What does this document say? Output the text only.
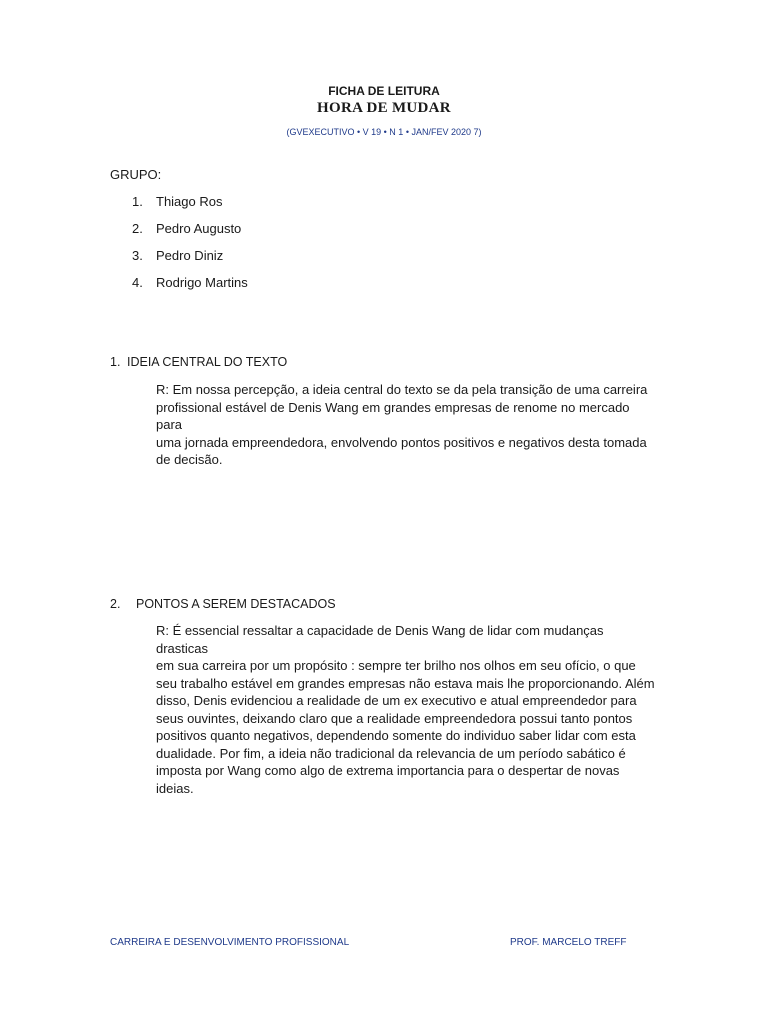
FICHA DE LEITURA
HORA DE MUDAR
(GVEXECUTIVO • V 19 • N 1 • JAN/FEV 2020 7)
GRUPO:
1. Thiago Ros
2. Pedro Augusto
3. Pedro Diniz
4. Rodrigo Martins
1. IDEIA CENTRAL DO TEXTO
R: Em nossa percepção, a ideia central do texto se da pela transição de uma carreira
profissional estável de Denis Wang em grandes empresas de renome no mercado para
uma jornada empreendedora, envolvendo pontos positivos e negativos desta tomada
de decisão.
2. PONTOS A SEREM DESTACADOS
R: É essencial ressaltar a capacidade de Denis Wang de lidar com mudanças drasticas
em sua carreira por um propósito : sempre ter brilho nos olhos em seu ofício, o que
seu trabalho estável em grandes empresas não estava mais lhe proporcionando. Além
disso, Denis evidenciou a realidade de um ex executivo e atual empreendedor para
seus ouvintes, deixando claro que a realidade empreendedora possui tanto pontos
positivos quanto negativos, dependendo somente do individuo saber lidar com esta
dualidade. Por fim, a ideia não tradicional da relevancia de um período sabático é
imposta por Wang como algo de extrema importancia para o despertar de novas
ideias.
CARREIRA E DESENVOLVIMENTO PROFISSIONAL	PROF. MARCELO TREFF
